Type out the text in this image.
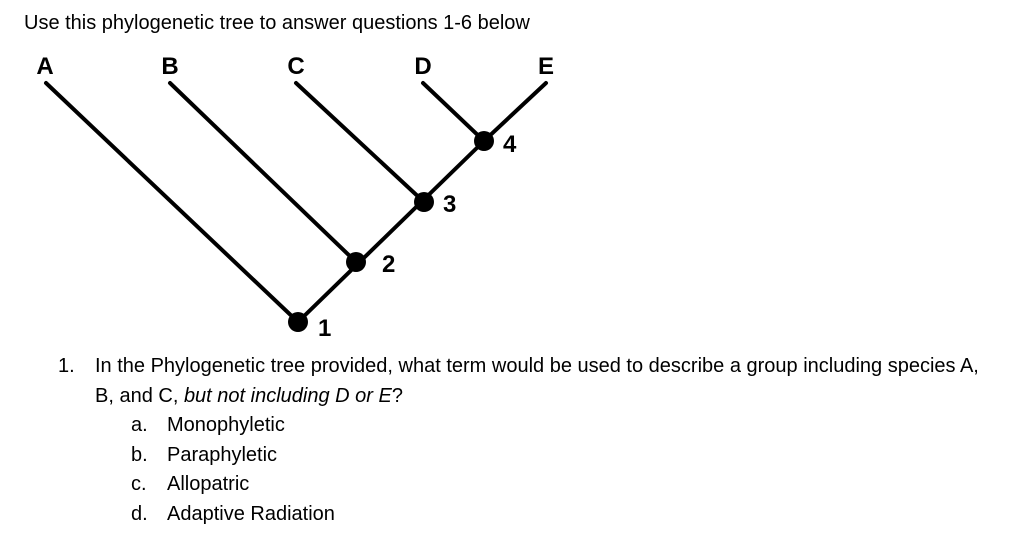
Use this phylogenetic tree to answer questions 1-6 below
A	B	C	D	E
1
2
3
4
1.	In the Phylogenetic tree provided, what term would be used to describe a group including species A, B, and C, but not including D or E?
a. Monophyletic
b. Paraphyletic
c.	Allopatric
d. Adaptive Radiation
